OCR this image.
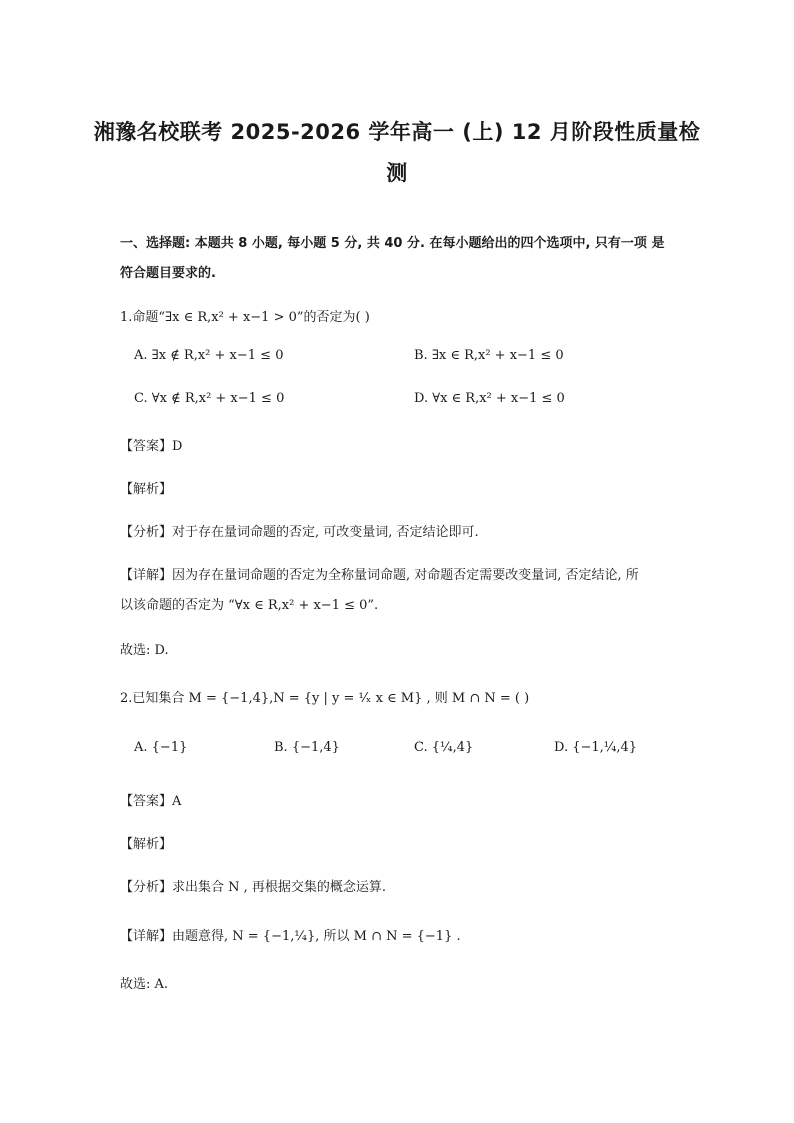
湘豫名校联考 2025-2026 学年高一 (上) 12 月阶段性质量检
测
一、选择题: 本题共 8 小题, 每小题 5 分, 共 40 分. 在每小题给出的四个选项中, 只有一项 是
符合题目要求的.
1.命题“∃x ∈ R,x² + x−1 > 0”的否定为( )
A. ∃x ∉ R,x² + x−1 ≤ 0	B. ∃x ∈ R,x² + x−1 ≤ 0
C. ∀x ∉ R,x² + x−1 ≤ 0	D. ∀x ∈ R,x² + x−1 ≤ 0
【答案】D
【解析】
【分析】对于存在量词命题的否定, 可改变量词, 否定结论即可.
【详解】因为存在量词命题的否定为全称量词命题, 对命题否定需要改变量词, 否定结论, 所
以该命题的否定为 “∀x ∈ R,x² + x−1 ≤ 0”.
故选: D.
2.已知集合 M = {−1,4},N = {y | y = ¹⁄ₓ x ∈ M} , 则 M ∩ N = ( )
A. {−1}	B. {−1,4}	C. {¼,4}	D. {−1,¼,4}
【答案】A
【解析】
【分析】求出集合 N , 再根据交集的概念运算.
【详解】由题意得, N = {−1,¼}, 所以 M ∩ N = {−1} .
故选: A.
